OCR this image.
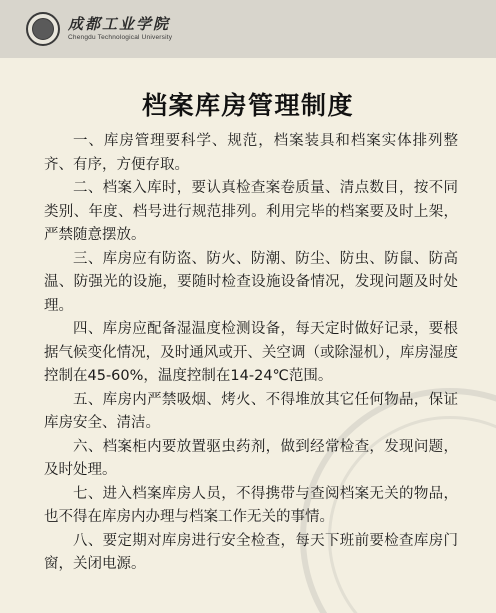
成都工业学院
Chengdu Technological University
档案库房管理制度

一、库房管理要科学、规范，档案装具和档案实体排列整齐、有序，方便存取。

二、档案入库时，要认真检查案卷质量、清点数目，按不同类别、年度、档号进行规范排列。利用完毕的档案要及时上架，严禁随意摆放。

三、库房应有防盗、防火、防潮、防尘、防虫、防鼠、防高温、防强光的设施，要随时检查设施设备情况，发现问题及时处理。

四、库房应配备湿温度检测设备，每天定时做好记录，要根据气候变化情况，及时通风或开、关空调（或除湿机），库房湿度控制在45-60%，温度控制在14-24℃范围。

五、库房内严禁吸烟、烤火、不得堆放其它任何物品，保证库房安全、清洁。

六、档案柜内要放置驱虫药剂，做到经常检查，发现问题，及时处理。

七、进入档案库房人员，不得携带与查阅档案无关的物品，也不得在库房内办理与档案工作无关的事情。

八、要定期对库房进行安全检查，每天下班前要检查库房门窗，关闭电源。
